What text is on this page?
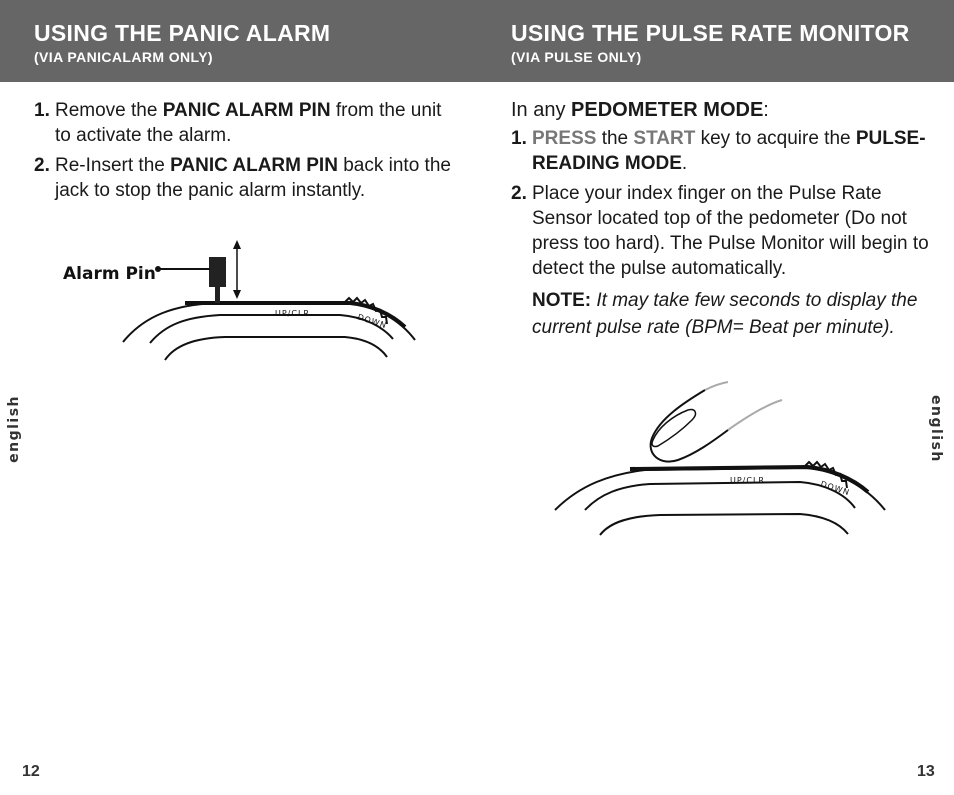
USING THE PANIC ALARM
(VIA PANICALARM ONLY)
1. Remove the PANIC ALARM PIN from the unit to activate the alarm.
2. Re-Insert the PANIC ALARM PIN back into the jack to stop the panic alarm instantly.
Alarm Pin
UP/CLR	DOWN
USING THE PULSE RATE MONITOR
(VIA PULSE ONLY)

In any PEDOMETER MODE:

1. PRESS the START key to acquire the PULSE-READING MODE.
2. Place your index finger on the Pulse Rate Sensor located top of the pedometer (Do not press too hard). The Pulse Monitor will begin to detect the pulse automatically.
NOTE: It may take few seconds to display the current pulse rate (BPM= Beat per minute).
UP/CLR	DOWN
english	english
12	13
